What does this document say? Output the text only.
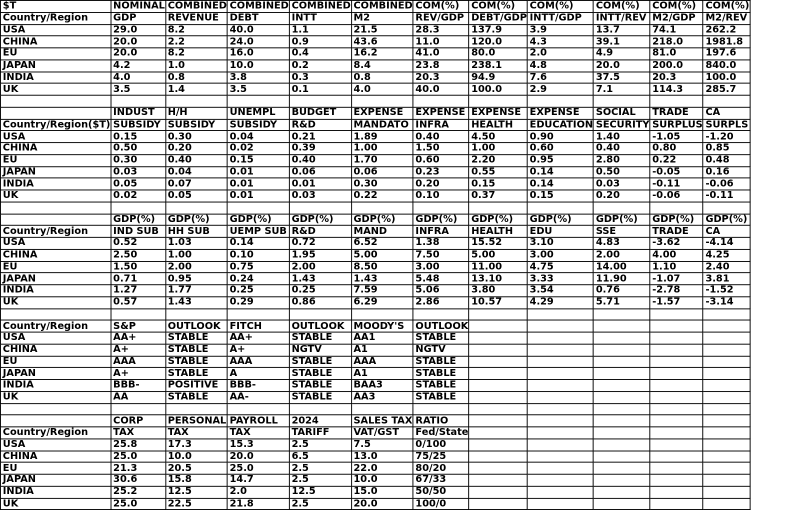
$T	NOMINAL	COMBINED	COMBINED	COMBINED	COMBINED	COM(%)	COM(%)	COM(%)	COM(%)	COM(%)	COM(%)
Country/Region	GDP	REVENUE	DEBT	INTT	M2	REV/GDP	DEBT/GDP	INTT/GDP	INTT/REV	M2/GDP	M2/REV
USA	29.0	8.2	40.0	1.1	21.5	28.3	137.9	3.9	13.7	74.1	262.2
CHINA	20.0	2.2	24.0	0.9	43.6	11.0	120.0	4.3	39.1	218.0	1981.8
EU	20.0	8.2	16.0	0.4	16.2	41.0	80.0	2.0	4.9	81.0	197.6
JAPAN	4.2	1.0	10.0	0.2	8.4	23.8	238.1	4.8	20.0	200.0	840.0
INDIA	4.0	0.8	3.8	0.3	0.8	20.3	94.9	7.6	37.5	20.3	100.0
UK	3.5	1.4	3.5	0.1	4.0	40.0	100.0	2.9	7.1	114.3	285.7

	INDUST	H/H	UNEMPL	BUDGET	EXPENSE	EXPENSE	EXPENSE	EXPENSE	SOCIAL	TRADE	CA
Country/Region($T)	SUBSIDY	SUBSIDY	SUBSIDY	R&D	MANDATO	INFRA	HEALTH	EDUCATION	SECURITY	SURPLUS	SURPLS
USA	0.15	0.30	0.04	0.21	1.89	0.40	4.50	0.90	1.40	-1.05	-1.20
CHINA	0.50	0.20	0.02	0.39	1.00	1.50	1.00	0.60	0.40	0.80	0.85
EU	0.30	0.40	0.15	0.40	1.70	0.60	2.20	0.95	2.80	0.22	0.48
JAPAN	0.03	0.04	0.01	0.06	0.06	0.23	0.55	0.14	0.50	-0.05	0.16
INDIA	0.05	0.07	0.01	0.01	0.30	0.20	0.15	0.14	0.03	-0.11	-0.06
UK	0.02	0.05	0.01	0.03	0.22	0.10	0.37	0.15	0.20	-0.06	-0.11

	GDP(%)	GDP(%)	GDP(%)	GDP(%)	GDP(%)	GDP(%)	GDP(%)	GDP(%)	GDP(%)	GDP(%)	GDP(%)
Country/Region	IND SUB	HH SUB	UEMP SUB	R&D	MAND	INFRA	HEALTH	EDU	SSE	TRADE	CA
USA	0.52	1.03	0.14	0.72	6.52	1.38	15.52	3.10	4.83	-3.62	-4.14
CHINA	2.50	1.00	0.10	1.95	5.00	7.50	5.00	3.00	2.00	4.00	4.25
EU	1.50	2.00	0.75	2.00	8.50	3.00	11.00	4.75	14.00	1.10	2.40
JAPAN	0.71	0.95	0.24	1.43	1.43	5.48	13.10	3.33	11.90	-1.07	3.81
INDIA	1.27	1.77	0.25	0.25	7.59	5.06	3.80	3.54	0.76	-2.78	-1.52
UK	0.57	1.43	0.29	0.86	6.29	2.86	10.57	4.29	5.71	-1.57	-3.14

Country/Region	S&P	OUTLOOK	FITCH	OUTLOOK	MOODY'S	OUTLOOK					
USA	AA+	STABLE	AA+	STABLE	AA1	STABLE					
CHINA	A+	STABLE	A+	NGTV	A1	NGTV					
EU	AAA	STABLE	AAA	STABLE	AAA	STABLE					
JAPAN	A+	STABLE	A	STABLE	A1	STABLE					
INDIA	BBB-	POSITIVE	BBB-	STABLE	BAA3	STABLE					
UK	AA	STABLE	AA-	STABLE	AA3	STABLE					

	CORP	PERSONAL	PAYROLL	2024	SALES TAX	RATIO					
Country/Region	TAX	TAX	TAX	TARIFF	VAT/GST	Fed/State					
USA	25.8	17.3	15.3	2.5	7.5	0/100					
CHINA	25.0	10.0	20.0	6.5	13.0	75/25					
EU	21.3	20.5	25.0	2.5	22.0	80/20					
JAPAN	30.6	15.8	14.7	2.5	10.0	67/33					
INDIA	25.2	12.5	2.0	12.5	15.0	50/50					
UK	25.0	22.5	21.8	2.5	20.0	100/0					
